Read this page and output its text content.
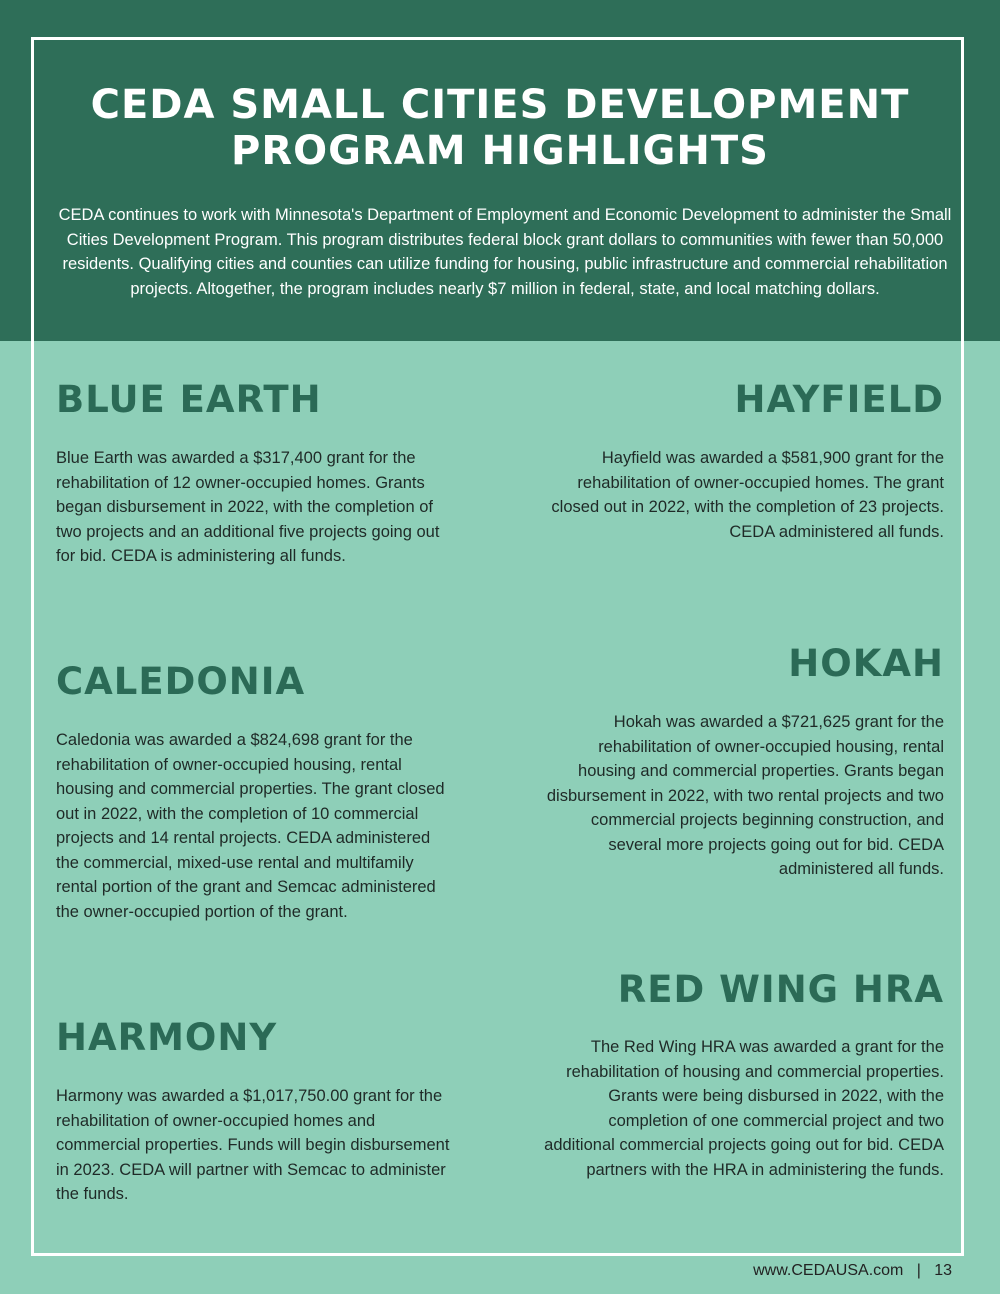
CEDA SMALL CITIES DEVELOPMENT
PROGRAM HIGHLIGHTS

CEDA continues to work with Minnesota's Department of Employment and Economic Development to administer the Small Cities Development Program. This program distributes federal block grant dollars to communities with fewer than 50,000 residents. Qualifying cities and counties can utilize funding for housing, public infrastructure and commercial rehabilitation projects. Altogether, the program includes nearly $7 million in federal, state, and local matching dollars.

BLUE EARTH

Blue Earth was awarded a $317,400 grant for the rehabilitation of 12 owner-occupied homes. Grants began disbursement in 2022, with the completion of two projects and an additional five projects going out for bid. CEDA is administering all funds.

CALEDONIA

Caledonia was awarded a $824,698 grant for the rehabilitation of owner-occupied housing, rental housing and commercial properties. The grant closed out in 2022, with the completion of 10 commercial projects and 14 rental projects. CEDA administered the commercial, mixed-use rental and multifamily rental portion of the grant and Semcac administered the owner-occupied portion of the grant.

HARMONY

Harmony was awarded a $1,017,750.00 grant for the rehabilitation of owner-occupied homes and commercial properties. Funds will begin disbursement in 2023. CEDA will partner with Semcac to administer the funds.

HAYFIELD

Hayfield was awarded a $581,900 grant for the rehabilitation of owner-occupied homes. The grant closed out in 2022, with the completion of 23 projects. CEDA administered all funds.

HOKAH

Hokah was awarded a $721,625 grant for the rehabilitation of owner-occupied housing, rental housing and commercial properties. Grants began disbursement in 2022, with two rental projects and two commercial projects beginning construction, and several more projects going out for bid. CEDA administered all funds.

RED WING HRA

The Red Wing HRA was awarded a grant for the rehabilitation of housing and commercial properties. Grants were being disbursed in 2022, with the completion of one commercial project and two additional commercial projects going out for bid. CEDA partners with the HRA in administering the funds.

www.CEDAUSA.com | 13
